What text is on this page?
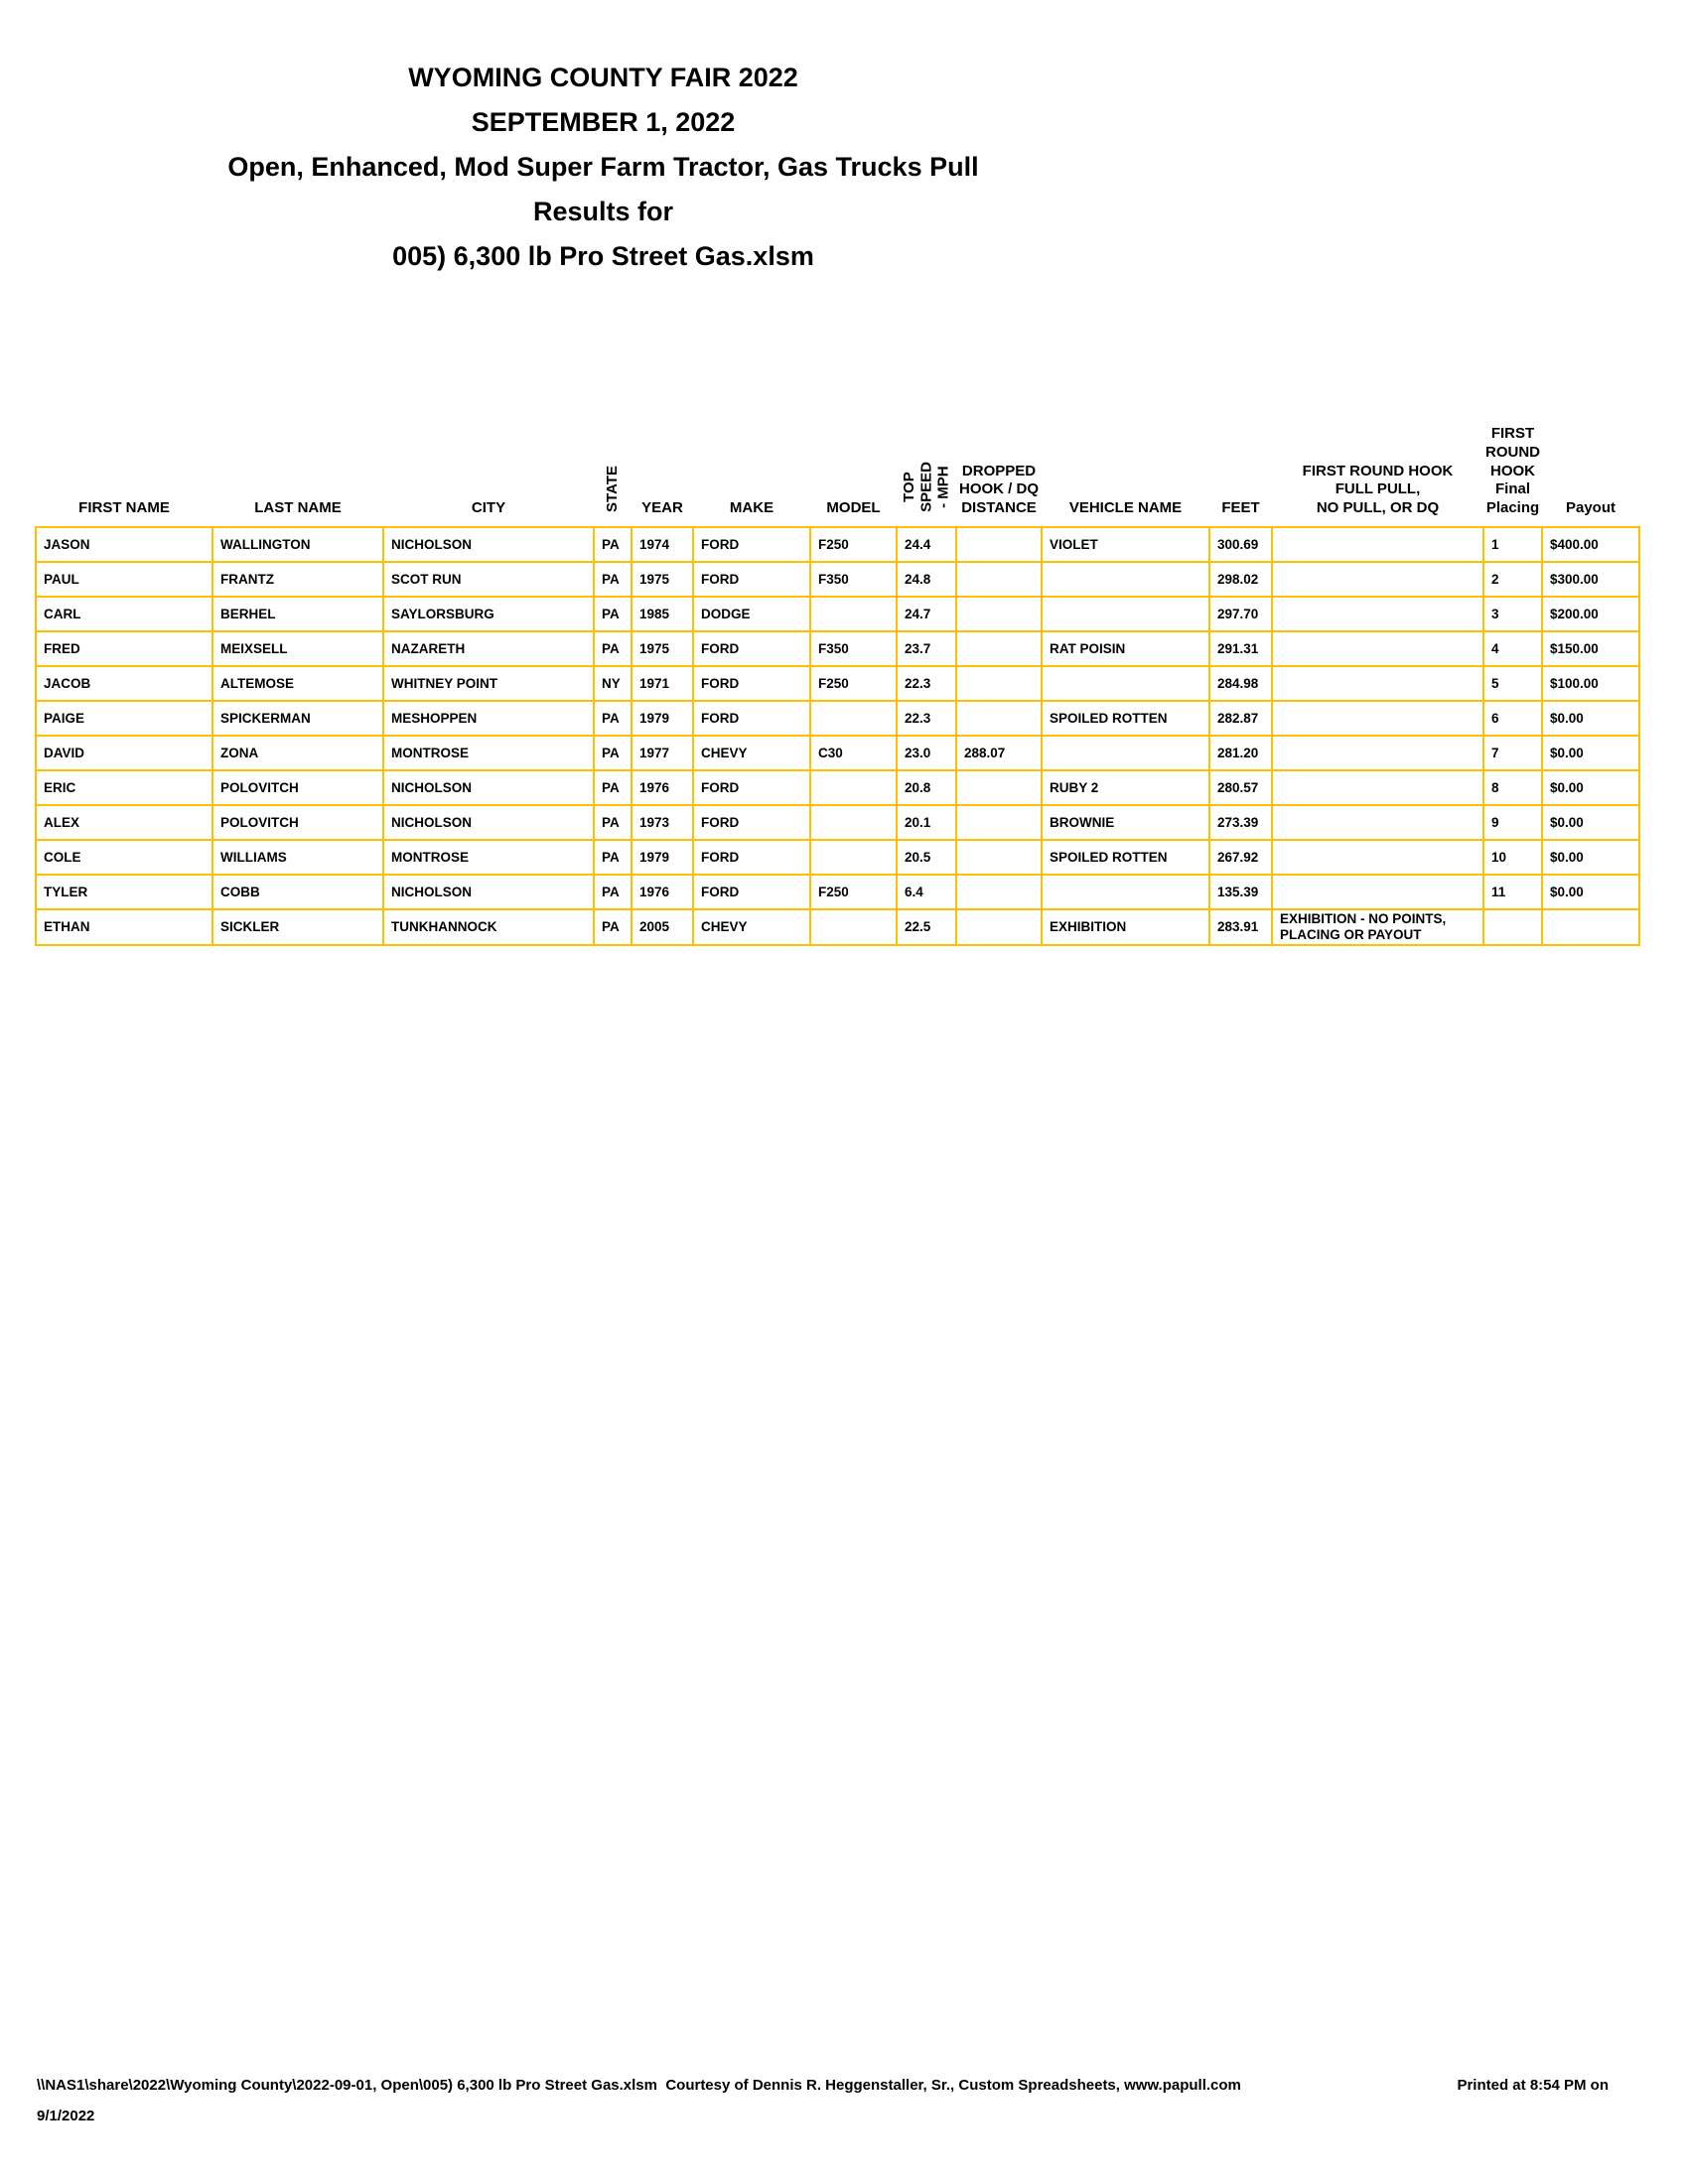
WYOMING COUNTY FAIR 2022
SEPTEMBER 1, 2022
Open, Enhanced, Mod Super Farm Tractor, Gas Trucks Pull
Results for
005) 6,300 lb Pro Street Gas.xlsm
FIRST NAME	LAST NAME	CITY	STATE	YEAR	MAKE	MODEL	TOP
SPEED
- MPH	DROPPED
HOOK / DQ
DISTANCE	VEHICLE NAME	FEET	FIRST ROUND HOOK
FULL PULL,
NO PULL, OR DQ	FIRST ROUND
HOOK
Final Placing	Payout
JASON	WALLINGTON	NICHOLSON	PA	1974	FORD	F250	24.4		VIOLET	300.69		1	$400.00
PAUL	FRANTZ	SCOT RUN	PA	1975	FORD	F350	24.8			298.02		2	$300.00
CARL	BERHEL	SAYLORSBURG	PA	1985	DODGE		24.7			297.70		3	$200.00
FRED	MEIXSELL	NAZARETH	PA	1975	FORD	F350	23.7		RAT POISIN	291.31		4	$150.00
JACOB	ALTEMOSE	WHITNEY POINT	NY	1971	FORD	F250	22.3			284.98		5	$100.00
PAIGE	SPICKERMAN	MESHOPPEN	PA	1979	FORD		22.3		SPOILED ROTTEN	282.87		6	$0.00
DAVID	ZONA	MONTROSE	PA	1977	CHEVY	C30	23.0	288.07		281.20		7	$0.00
ERIC	POLOVITCH	NICHOLSON	PA	1976	FORD		20.8		RUBY 2	280.57		8	$0.00
ALEX	POLOVITCH	NICHOLSON	PA	1973	FORD		20.1		BROWNIE	273.39		9	$0.00
COLE	WILLIAMS	MONTROSE	PA	1979	FORD		20.5		SPOILED ROTTEN	267.92		10	$0.00
TYLER	COBB	NICHOLSON	PA	1976	FORD	F250	6.4			135.39		11	$0.00
ETHAN	SICKLER	TUNKHANNOCK	PA	2005	CHEVY		22.5		EXHIBITION	283.91	EXHIBITION - NO POINTS, PLACING OR PAYOUT		
\\NAS1\share\2022\Wyoming County\2022-09-01, Open\005) 6,300 lb Pro Street Gas.xlsm  Courtesy of Dennis R. Heggenstaller, Sr., Custom Spreadsheets, www.papull.com	Printed at 8:54 PM on
9/1/2022
